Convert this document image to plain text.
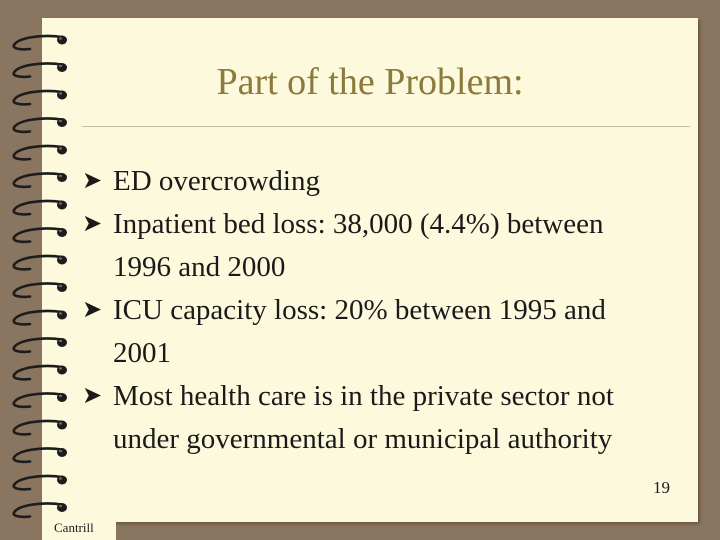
Part of the Problem:
➤ ED overcrowding
➤ Inpatient bed loss: 38,000 (4.4%) between
1996 and 2000
➤ ICU capacity loss: 20% between 1995 and
2001
➤ Most health care is in the private sector not
under governmental or municipal authority
19
Cantrill
